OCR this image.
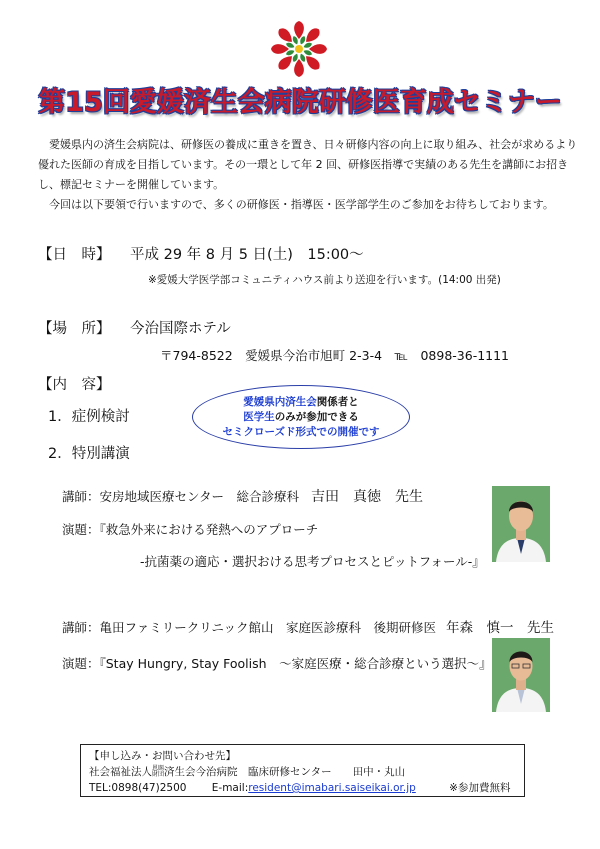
第15回愛媛済生会病院研修医育成セミナー

愛媛県内の済生会病院は、研修医の養成に重きを置き、日々研修内容の向上に取り組み、社会が求めるより優れた医師の育成を目指しています。その一環として年 2 回、研修医指導で実績のある先生を講師にお招きし、標記セミナーを開催しています。

今回は以下要領で行いますので、多くの研修医・指導医・医学部学生のご参加をお待ちしております。

【日　時】 平成 29 年 8 月 5 日(土)　15:00～
※愛媛大学医学部コミュニティハウス前より送迎を行います。(14:00 出発)
【場　所】 今治国際ホテル
〒794-8522　愛媛県今治市旭町 2-3-4　℡　0898-36-1111
【内　容】
1．症例検討
2．特別講演
愛媛県内済生会関係者と
医学生のみが参加できる
セミクローズド形式での開催です
講師：安房地域医療センター　総合診療科 吉田　真徳　先生
演題：『救急外来における発熱へのアプローチ
-抗菌薬の適応・選択おける思考プロセスとピットフォール-』
講師：亀田ファミリークリニック館山　家庭医診療科　後期研修医 年森　慎一　先生
演題：『Stay Hungry, Stay Foolish　～家庭医療・総合診療という選択～』
【申し込み・お問い合わせ先】
社会福祉法人恩賜
財団済生会今治病院　臨床研修センター　　田中・丸山
TEL:0898(47)2500 E-mail:resident@imabari.saiseikai.or.jp	※参加費無料
